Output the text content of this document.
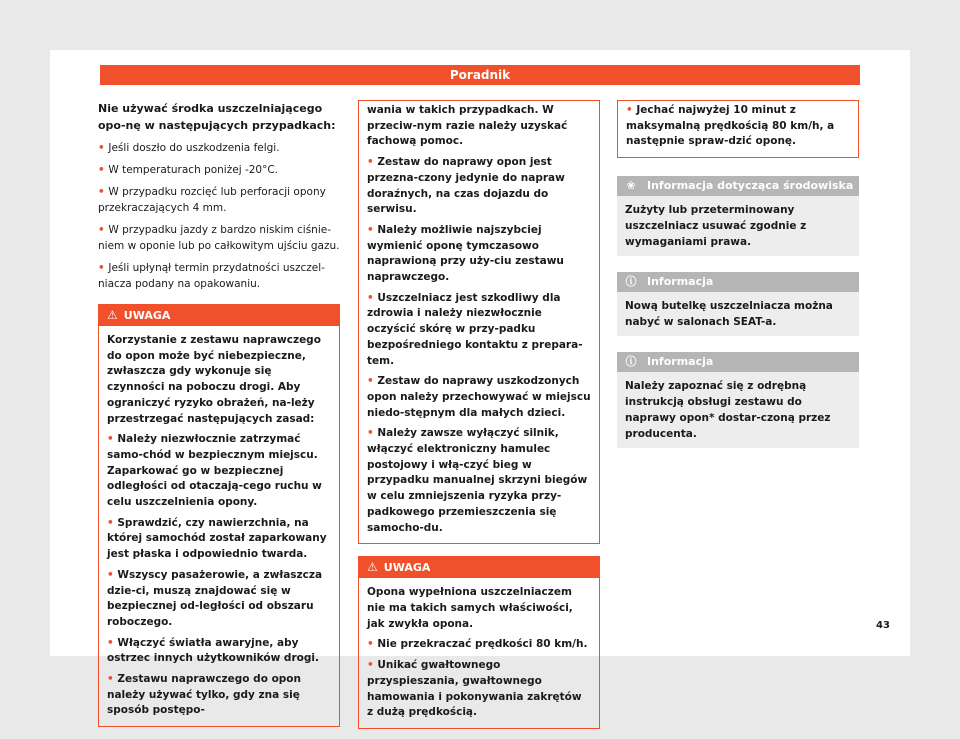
Poradnik

Nie używać środka uszczelniającego opo-nę w następujących przypadkach:

• Jeśli doszło do uszkodzenia felgi.

• W temperaturach poniżej -20°C.

• W przypadku rozcięć lub perforacji opony przekraczających 4 mm.

• W przypadku jazdy z bardzo niskim ciśnie-niem w oponie lub po całkowitym ujściu gazu.

• Jeśli upłynął termin przydatności uszczel-niacza podany na opakowaniu.

⚠ UWAGA

Korzystanie z zestawu naprawczego do opon może być niebezpieczne, zwłaszcza gdy wykonuje się czynności na poboczu drogi. Aby ograniczyć ryzyko obrażeń, na-leży przestrzegać następujących zasad:

• Należy niezwłocznie zatrzymać samo-chód w bezpiecznym miejscu. Zaparkować go w bezpiecznej odległości od otaczają-cego ruchu w celu uszczelnienia opony.

• Sprawdzić, czy nawierzchnia, na której samochód został zaparkowany jest płaska i odpowiednio twarda.

• Wszyscy pasażerowie, a zwłaszcza dzie-ci, muszą znajdować się w bezpiecznej od-ległości od obszaru roboczego.

• Włączyć światła awaryjne, aby ostrzec innych użytkowników drogi.

• Zestawu naprawczego do opon należy używać tylko, gdy zna się sposób postępo-

wania w takich przypadkach. W przeciw-nym razie należy uzyskać fachową pomoc.

• Zestaw do naprawy opon jest przezna-czony jedynie do napraw doraźnych, na czas dojazdu do serwisu.

• Należy możliwie najszybciej wymienić oponę tymczasowo naprawioną przy uży-ciu zestawu naprawczego.

• Uszczelniacz jest szkodliwy dla zdrowia i należy niezwłocznie oczyścić skórę w przy-padku bezpośredniego kontaktu z prepara-tem.

• Zestaw do naprawy uszkodzonych opon należy przechowywać w miejscu niedo-stępnym dla małych dzieci.

• Należy zawsze wyłączyć silnik, włączyć elektroniczny hamulec postojowy i włą-czyć bieg w przypadku manualnej skrzyni biegów w celu zmniejszenia ryzyka przy-padkowego przemieszczenia się samocho-du.

⚠ UWAGA

Opona wypełniona uszczelniaczem nie ma takich samych właściwości, jak zwykła opona.

• Nie przekraczać prędkości 80 km/h.

• Unikać gwałtownego przyspieszania, gwałtownego hamowania i pokonywania zakrętów z dużą prędkością.

• Jechać najwyżej 10 minut z maksymalną prędkością 80 km/h, a następnie spraw-dzić oponę.

❀ Informacja dotycząca środowiska

Zużyty lub przeterminowany uszczelniacz usuwać zgodnie z wymaganiami prawa.

ⓘ Informacja

Nową butelkę uszczelniacza można nabyć w salonach SEAT-a.

ⓘ Informacja

Należy zapoznać się z odrębną instrukcją obsługi zestawu do naprawy opon* dostar-czoną przez producenta.

43
